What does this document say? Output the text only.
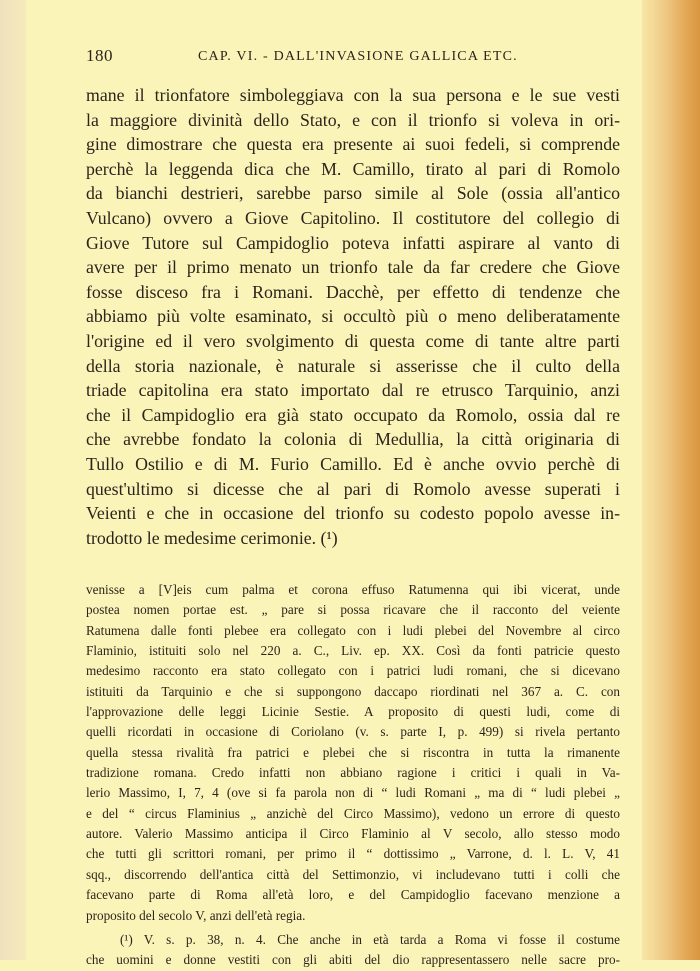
180	CAP. VI. - DALL'INVASIONE GALLICA ETC.
mane il trionfatore simboleggiava con la sua persona e le sue vesti
la maggiore divinità dello Stato, e con il trionfo si voleva in ori-
gine dimostrare che questa era presente ai suoi fedeli, si comprende
perchè la leggenda dica che M. Camillo, tirato al pari di Romolo
da bianchi destrieri, sarebbe parso simile al Sole (ossia all'antico
Vulcano) ovvero a Giove Capitolino. Il costitutore del collegio di
Giove Tutore sul Campidoglio poteva infatti aspirare al vanto di
avere per il primo menato un trionfo tale da far credere che Giove
fosse disceso fra i Romani. Dacchè, per effetto di tendenze che
abbiamo più volte esaminato, si occultò più o meno deliberatamente
l'origine ed il vero svolgimento di questa come di tante altre parti
della storia nazionale, è naturale si asserisse che il culto della
triade capitolina era stato importato dal re etrusco Tarquinio, anzi
che il Campidoglio era già stato occupato da Romolo, ossia dal re
che avrebbe fondato la colonia di Medullia, la città originaria di
Tullo Ostilio e di M. Furio Camillo. Ed è anche ovvio perchè di
quest'ultimo si dicesse che al pari di Romolo avesse superati i
Veienti e che in occasione del trionfo su codesto popolo avesse in-
trodotto le medesime cerimonie. (¹)
venisse a [V]eis cum palma et corona effuso Ratumenna qui ibi vicerat, unde
postea nomen portae est. „ pare si possa ricavare che il racconto del veiente
Ratumena dalle fonti plebee era collegato con i ludi plebei del Novembre al circo
Flaminio, istituiti solo nel 220 a. C., Liv. ep. XX. Così da fonti patricie questo
medesimo racconto era stato collegato con i patrici ludi romani, che si dicevano
istituiti da Tarquinio e che si suppongono daccapo riordinati nel 367 a. C. con
l'approvazione delle leggi Licinie Sestie. A proposito di questi ludi, come di
quelli ricordati in occasione di Coriolano (v. s. parte I, p. 499) si rivela pertanto
quella stessa rivalità fra patrici e plebei che si riscontra in tutta la rimanente
tradizione romana. Credo infatti non abbiano ragione i critici i quali in Va-
lerio Massimo, I, 7, 4 (ove si fa parola non di “ ludi Romani „ ma di “ ludi plebei „
e del “ circus Flaminius „ anzichè del Circo Massimo), vedono un errore di questo
autore. Valerio Massimo anticipa il Circo Flaminio al V secolo, allo stesso modo
che tutti gli scrittori romani, per primo il “ dottissimo „ Varrone, d. l. L. V, 41
sqq., discorrendo dell'antica città del Settimonzio, vi includevano tutti i colli che
facevano parte di Roma all'età loro, e del Campidoglio facevano menzione a
proposito del secolo V, anzi dell'età regia.
(¹) V. s. p. 38, n. 4. Che anche in età tarda a Roma vi fosse il costume
che uomini e donne vestiti con gli abiti del dio rappresentassero nelle sacre pro-
